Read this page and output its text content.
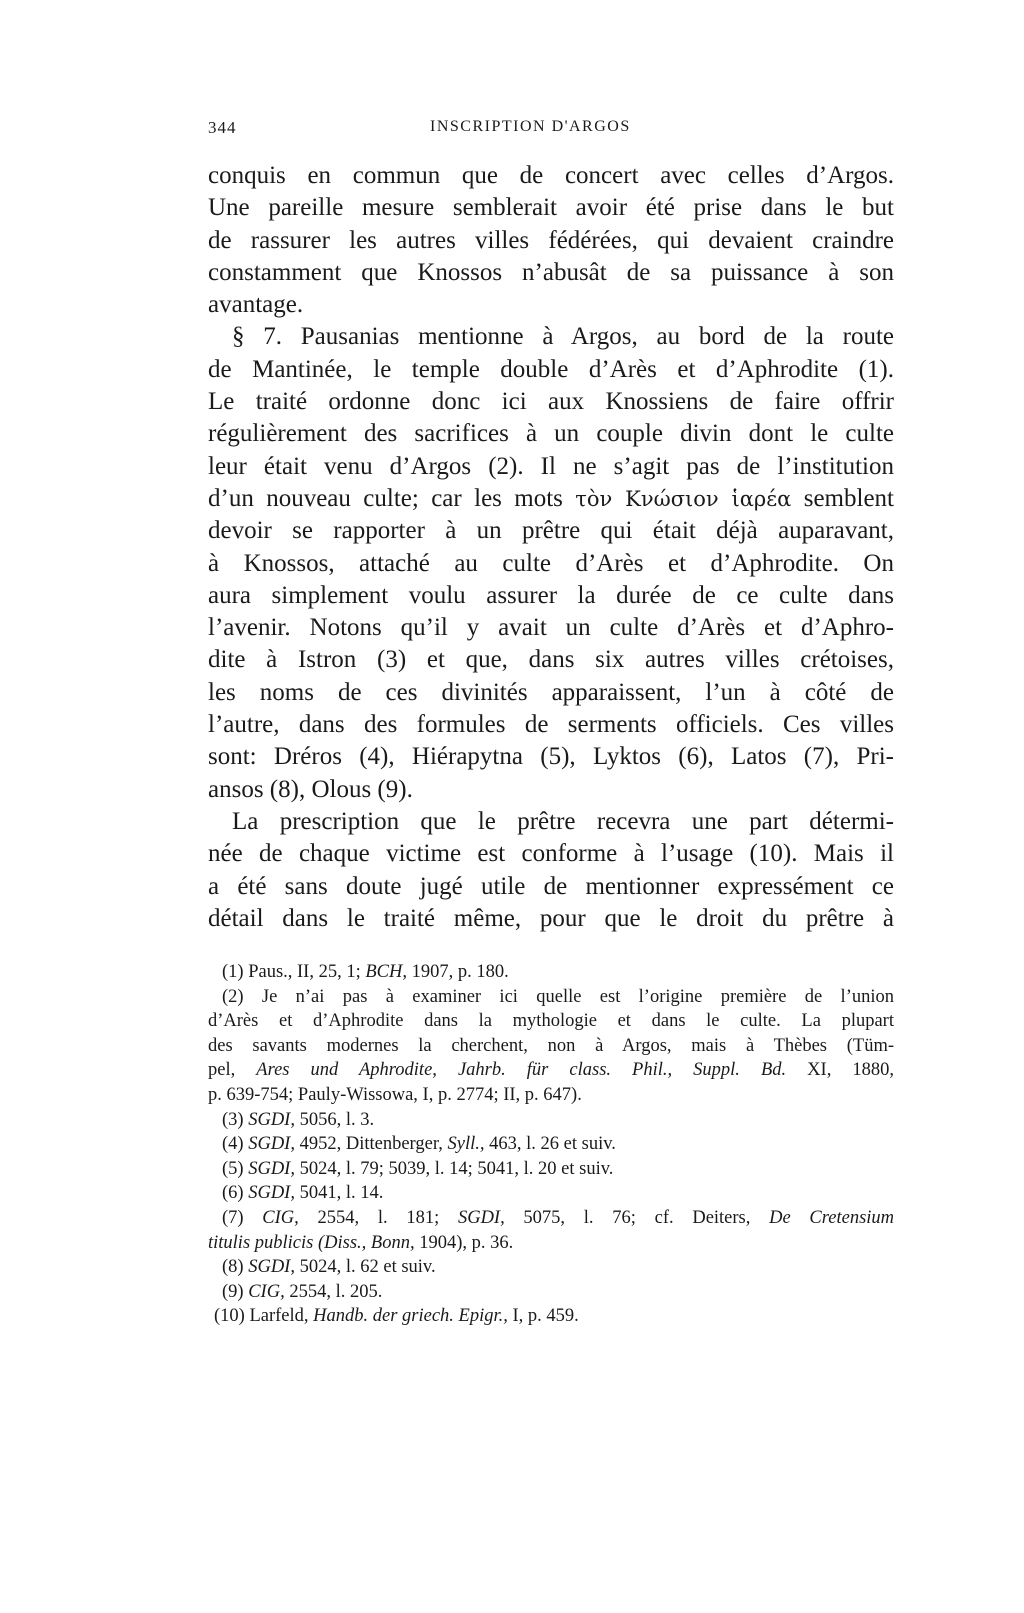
344	INSCRIPTION D'ARGOS
conquis en commun que de concert avec celles d’Argos.
Une pareille mesure semblerait avoir été prise dans le but
de rassurer les autres villes fédérées, qui devaient craindre
constamment que Knossos n’abusât de sa puissance à son
avantage.
§ 7. Pausanias mentionne à Argos, au bord de la route
de Mantinée, le temple double d’Arès et d’Aphrodite (1).
Le traité ordonne donc ici aux Knossiens de faire offrir
régulièrement des sacrifices à un couple divin dont le culte
leur était venu d’Argos (2). Il ne s’agit pas de l’institution
d’un nouveau culte; car les mots τὸν Κνώσιον ἱαρέα semblent
devoir se rapporter à un prêtre qui était déjà auparavant,
à Knossos, attaché au culte d’Arès et d’Aphrodite. On
aura simplement voulu assurer la durée de ce culte dans
l’avenir. Notons qu’il y avait un culte d’Arès et d’Aphro-
dite à Istron (3) et que, dans six autres villes crétoises,
les noms de ces divinités apparaissent, l’un à côté de
l’autre, dans des formules de serments officiels. Ces villes
sont: Dréros (4), Hiérapytna (5), Lyktos (6), Latos (7), Pri-
ansos (8), Olous (9).
La prescription que le prêtre recevra une part détermi-
née de chaque victime est conforme à l’usage (10). Mais il
a été sans doute jugé utile de mentionner expressément ce
détail dans le traité même, pour que le droit du prêtre à
(1) Paus., II, 25, 1; BCH, 1907, p. 180.
(2) Je n’ai pas à examiner ici quelle est l’origine première de l’union
d’Arès et d’Aphrodite dans la mythologie et dans le culte. La plupart
des savants modernes la cherchent, non à Argos, mais à Thèbes (Tüm-
pel, Ares und Aphrodite, Jahrb. für class. Phil., Suppl. Bd. XI, 1880,
p. 639-754; Pauly-Wissowa, I, p. 2774; II, p. 647).
(3) SGDI, 5056, l. 3.
(4) SGDI, 4952, Dittenberger, Syll., 463, l. 26 et suiv.
(5) SGDI, 5024, l. 79; 5039, l. 14; 5041, l. 20 et suiv.
(6) SGDI, 5041, l. 14.
(7) CIG, 2554, l. 181; SGDI, 5075, l. 76; cf. Deiters, De Cretensium
titulis publicis (Diss., Bonn, 1904), p. 36.
(8) SGDI, 5024, l. 62 et suiv.
(9) CIG, 2554, l. 205.
(10) Larfeld, Handb. der griech. Epigr., I, p. 459.
